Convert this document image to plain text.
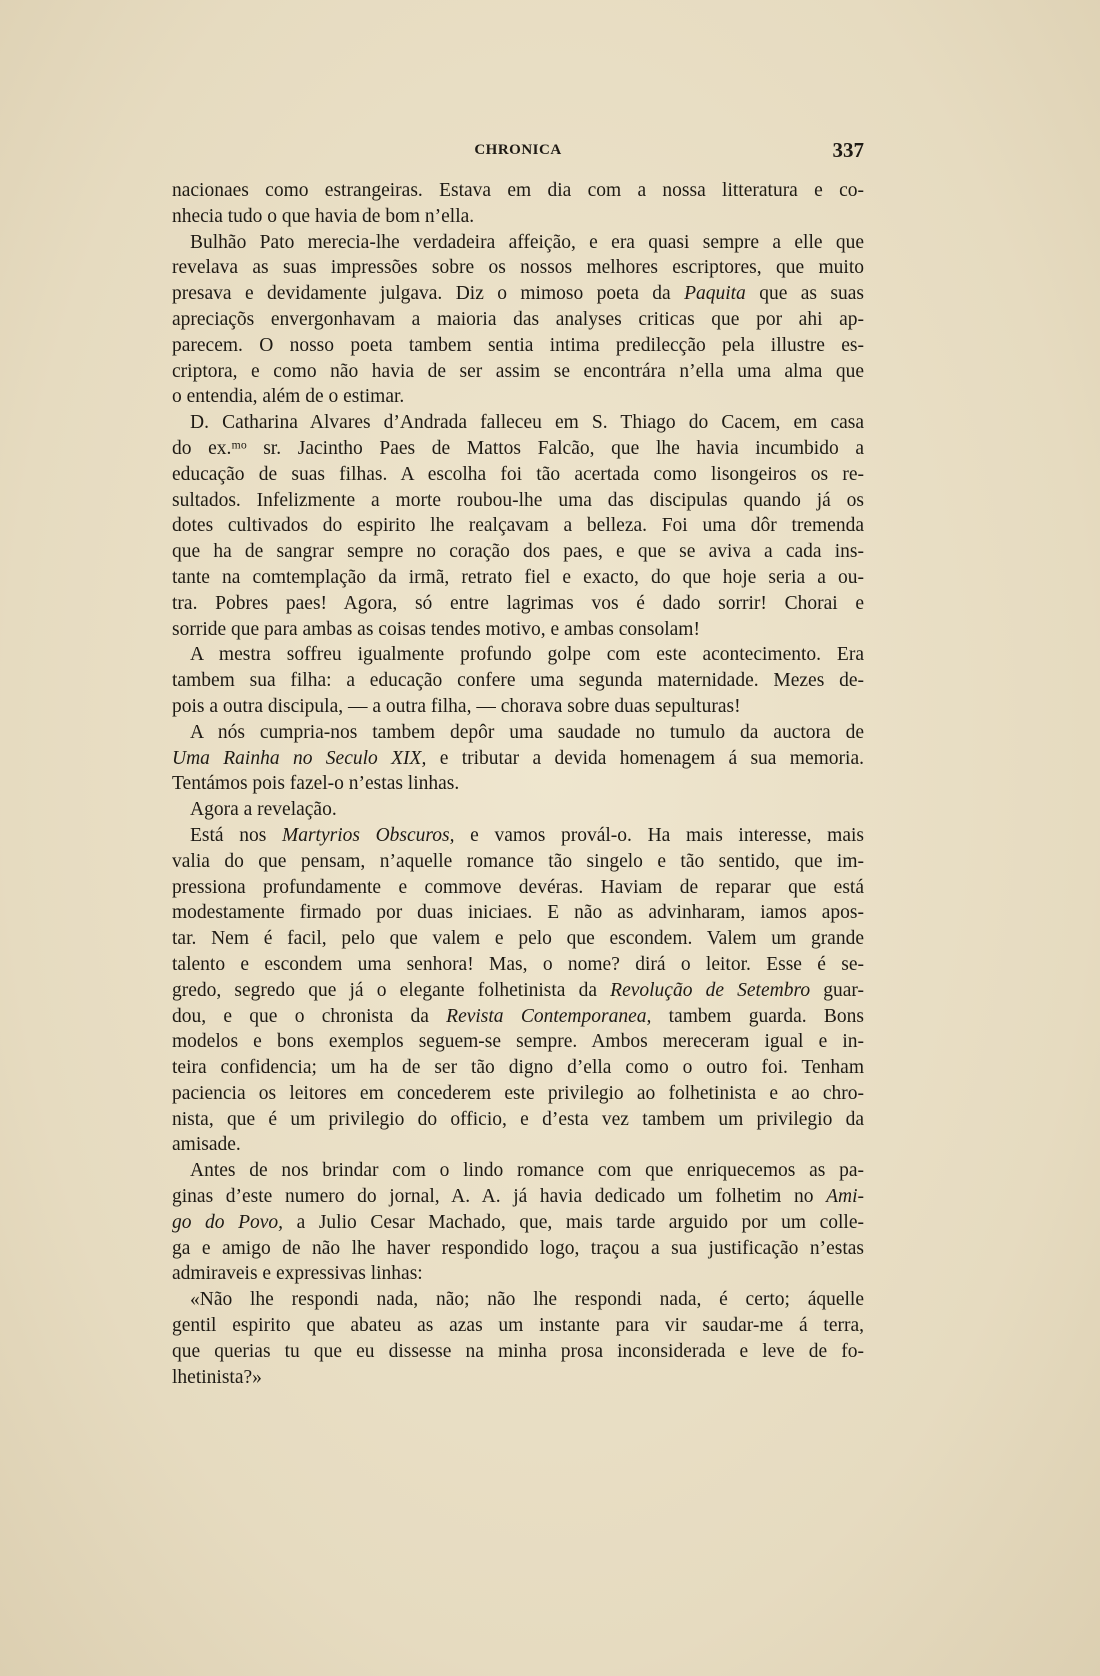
CHRONICA	337
nacionaes como estrangeiras. Estava em dia com a nossa litteratura e co-
nhecia tudo o que havia de bom n’ella.
Bulhão Pato merecia-lhe verdadeira affeição, e era quasi sempre a elle que
revelava as suas impressões sobre os nossos melhores escriptores, que muito
presava e devidamente julgava. Diz o mimoso poeta da Paquita que as suas
apreciaçõs envergonhavam a maioria das analyses criticas que por ahi ap-
parecem. O nosso poeta tambem sentia intima predilecção pela illustre es-
criptora, e como não havia de ser assim se encontrára n’ella uma alma que
o entendia, além de o estimar.
D. Catharina Alvares d’Andrada falleceu em S. Thiago do Cacem, em casa
do ex.ᵐᵒ sr. Jacintho Paes de Mattos Falcão, que lhe havia incumbido a
educação de suas filhas. A escolha foi tão acertada como lisongeiros os re-
sultados. Infelizmente a morte roubou-lhe uma das discipulas quando já os
dotes cultivados do espirito lhe realçavam a belleza. Foi uma dôr tremenda
que ha de sangrar sempre no coração dos paes, e que se aviva a cada ins-
tante na comtemplação da irmã, retrato fiel e exacto, do que hoje seria a ou-
tra. Pobres paes! Agora, só entre lagrimas vos é dado sorrir! Chorai e
sorride que para ambas as coisas tendes motivo, e ambas consolam!
A mestra soffreu igualmente profundo golpe com este acontecimento. Era
tambem sua filha: a educação confere uma segunda maternidade. Mezes de-
pois a outra discipula, — a outra filha, — chorava sobre duas sepulturas!
A nós cumpria-nos tambem depôr uma saudade no tumulo da auctora de
Uma Rainha no Seculo XIX, e tributar a devida homenagem á sua memoria.
Tentámos pois fazel-o n’estas linhas.
Agora a revelação.
Está nos Martyrios Obscuros, e vamos provál-o. Ha mais interesse, mais
valia do que pensam, n’aquelle romance tão singelo e tão sentido, que im-
pressiona profundamente e commove devéras. Haviam de reparar que está
modestamente firmado por duas iniciaes. E não as advinharam, iamos apos-
tar. Nem é facil, pelo que valem e pelo que escondem. Valem um grande
talento e escondem uma senhora! Mas, o nome? dirá o leitor. Esse é se-
gredo, segredo que já o elegante folhetinista da Revolução de Setembro guar-
dou, e que o chronista da Revista Contemporanea, tambem guarda. Bons
modelos e bons exemplos seguem-se sempre. Ambos mereceram igual e in-
teira confidencia; um ha de ser tão digno d’ella como o outro foi. Tenham
paciencia os leitores em concederem este privilegio ao folhetinista e ao chro-
nista, que é um privilegio do officio, e d’esta vez tambem um privilegio da
amisade.
Antes de nos brindar com o lindo romance com que enriquecemos as pa-
ginas d’este numero do jornal, A. A. já havia dedicado um folhetim no Ami-
go do Povo, a Julio Cesar Machado, que, mais tarde arguido por um colle-
ga e amigo de não lhe haver respondido logo, traçou a sua justificação n’estas
admiraveis e expressivas linhas:
«Não lhe respondi nada, não; não lhe respondi nada, é certo; áquelle
gentil espirito que abateu as azas um instante para vir saudar-me á terra,
que querias tu que eu dissesse na minha prosa inconsiderada e leve de fo-
lhetinista?»
